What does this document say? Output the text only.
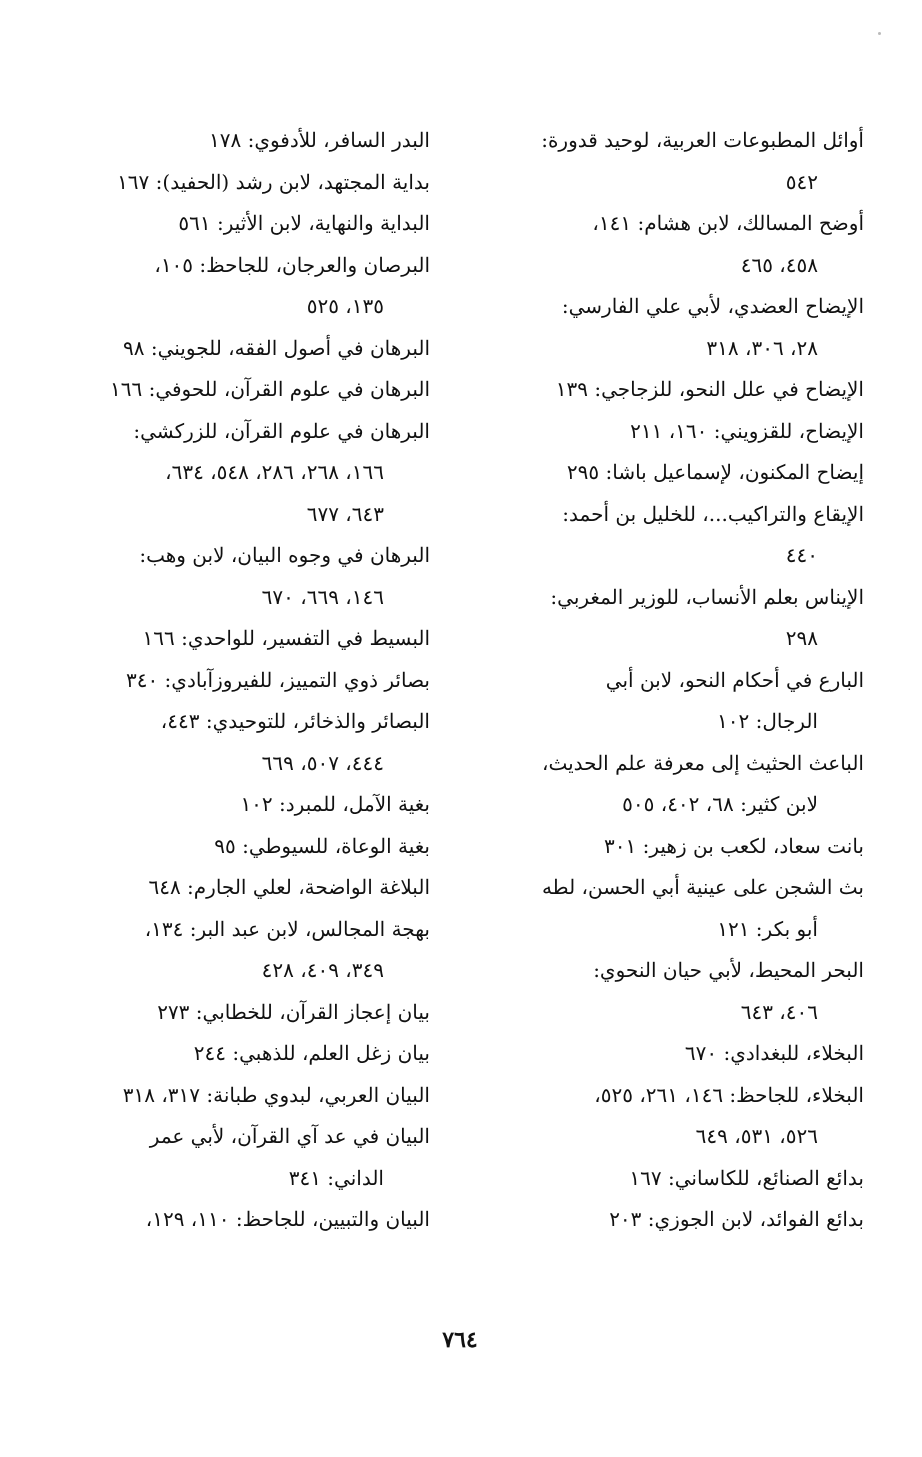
أوائل المطبوعات العربية، لوحيد قدورة:
٥٤٢
أوضح المسالك، لابن هشام: ١٤١،
٤٥٨، ٤٦٥
الإيضاح العضدي، لأبي علي الفارسي:
٢٨، ٣٠٦، ٣١٨
الإيضاح في علل النحو، للزجاجي: ١٣٩
الإيضاح، للقزويني: ١٦٠، ٢١١
إيضاح المكنون، لإسماعيل باشا: ٢٩٥
الإيقاع والتراكيب...، للخليل بن أحمد:
٤٤٠
الإيناس بعلم الأنساب، للوزير المغربي:
٢٩٨
البارع في أحكام النحو، لابن أبي
الرجال: ١٠٢
الباعث الحثيث إلى معرفة علم الحديث،
لابن كثير: ٦٨، ٤٠٢، ٥٠٥
بانت سعاد، لكعب بن زهير: ٣٠١
بث الشجن على عينية أبي الحسن، لطه
أبو بكر: ١٢١
البحر المحيط، لأبي حيان النحوي:
٤٠٦، ٦٤٣
البخلاء، للبغدادي: ٦٧٠
البخلاء، للجاحظ: ١٤٦، ٢٦١، ٥٢٥،
٥٢٦، ٥٣١، ٦٤٩
بدائع الصنائع، للكاساني: ١٦٧
بدائع الفوائد، لابن الجوزي: ٢٠٣
البدر السافر، للأدفوي: ١٧٨
بداية المجتهد، لابن رشد (الحفيد): ١٦٧
البداية والنهاية، لابن الأثير: ٥٦١
البرصان والعرجان، للجاحظ: ١٠٥،
١٣٥، ٥٢٥
البرهان في أصول الفقه، للجويني: ٩٨
البرهان في علوم القرآن، للحوفي: ١٦٦
البرهان في علوم القرآن، للزركشي:
١٦٦، ٢٦٨، ٢٨٦، ٥٤٨، ٦٣٤،
٦٤٣، ٦٧٧
البرهان في وجوه البيان، لابن وهب:
١٤٦، ٦٦٩، ٦٧٠
البسيط في التفسير، للواحدي: ١٦٦
بصائر ذوي التمييز، للفيروزآبادي: ٣٤٠
البصائر والذخائر، للتوحيدي: ٤٤٣،
٤٤٤، ٥٠٧، ٦٦٩
بغية الآمل، للمبرد: ١٠٢
بغية الوعاة، للسيوطي: ٩٥
البلاغة الواضحة، لعلي الجارم: ٦٤٨
بهجة المجالس، لابن عبد البر: ١٣٤،
٣٤٩، ٤٠٩، ٤٢٨
بيان إعجاز القرآن، للخطابي: ٢٧٣
بيان زغل العلم، للذهبي: ٢٤٤
البيان العربي، لبدوي طبانة: ٣١٧، ٣١٨
البيان في عد آي القرآن، لأبي عمر
الداني: ٣٤١
البيان والتبيين، للجاحظ: ١١٠، ١٢٩،
٧٦٤
